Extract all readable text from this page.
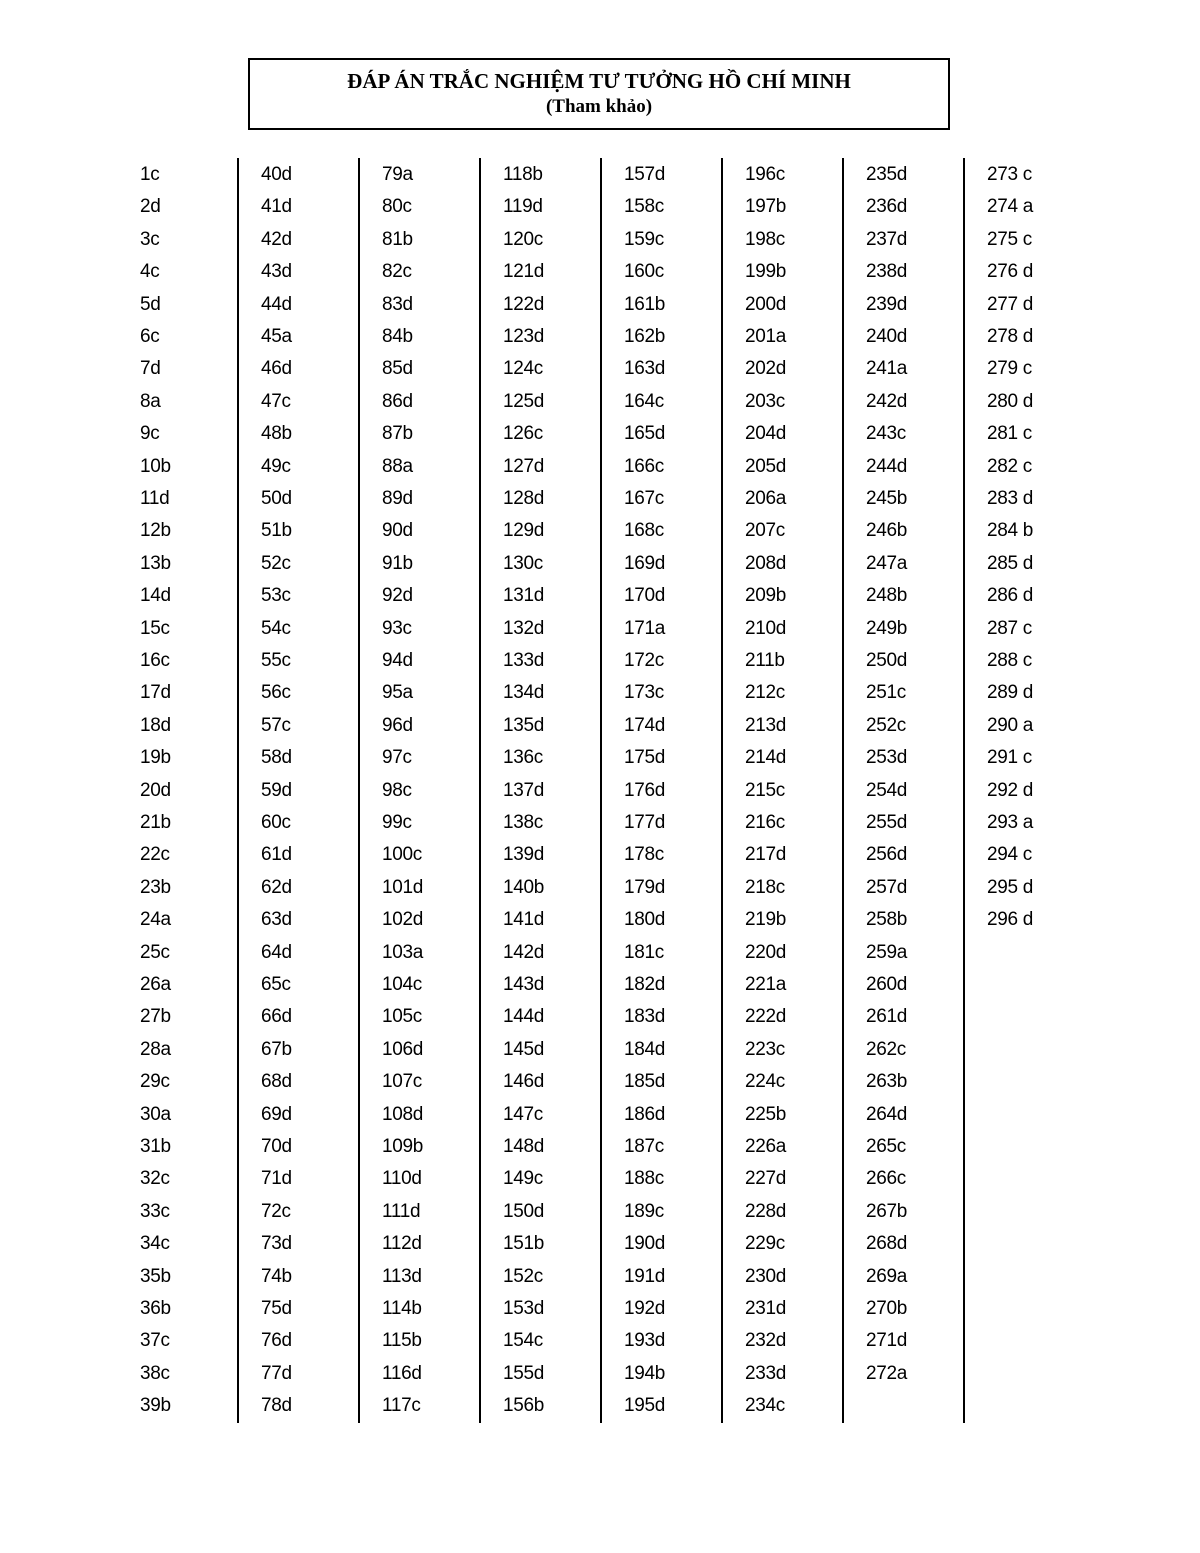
ĐÁP ÁN TRẮC NGHIỆM TƯ TƯỞNG HỒ CHÍ MINH
(Tham khảo)
1c
2d
3c
4c
5d
6c
7d
8a
9c
10b
11d
12b
13b
14d
15c
16c
17d
18d
19b
20d
21b
22c
23b
24a
25c
26a
27b
28a
29c
30a
31b
32c
33c
34c
35b
36b
37c
38c
39b
40d
41d
42d
43d
44d
45a
46d
47c
48b
49c
50d
51b
52c
53c
54c
55c
56c
57c
58d
59d
60c
61d
62d
63d
64d
65c
66d
67b
68d
69d
70d
71d
72c
73d
74b
75d
76d
77d
78d
79a
80c
81b
82c
83d
84b
85d
86d
87b
88a
89d
90d
91b
92d
93c
94d
95a
96d
97c
98c
99c
100c
101d
102d
103a
104c
105c
106d
107c
108d
109b
110d
111d
112d
113d
114b
115b
116d
117c
118b
119d
120c
121d
122d
123d
124c
125d
126c
127d
128d
129d
130c
131d
132d
133d
134d
135d
136c
137d
138c
139d
140b
141d
142d
143d
144d
145d
146d
147c
148d
149c
150d
151b
152c
153d
154c
155d
156b
157d
158c
159c
160c
161b
162b
163d
164c
165d
166c
167c
168c
169d
170d
171a
172c
173c
174d
175d
176d
177d
178c
179d
180d
181c
182d
183d
184d
185d
186d
187c
188c
189c
190d
191d
192d
193d
194b
195d
196c
197b
198c
199b
200d
201a
202d
203c
204d
205d
206a
207c
208d
209b
210d
211b
212c
213d
214d
215c
216c
217d
218c
219b
220d
221a
222d
223c
224c
225b
226a
227d
228d
229c
230d
231d
232d
233d
234c
235d
236d
237d
238d
239d
240d
241a
242d
243c
244d
245b
246b
247a
248b
249b
250d
251c
252c
253d
254d
255d
256d
257d
258b
259a
260d
261d
262c
263b
264d
265c
266c
267b
268d
269a
270b
271d
272a
273 c
274 a
275 c
276 d
277 d
278 d
279 c
280 d
281 c
282 c
283 d
284 b
285 d
286 d
287 c
288 c
289 d
290 a
291 c
292 d
293 a
294 c
295 d
296 d
